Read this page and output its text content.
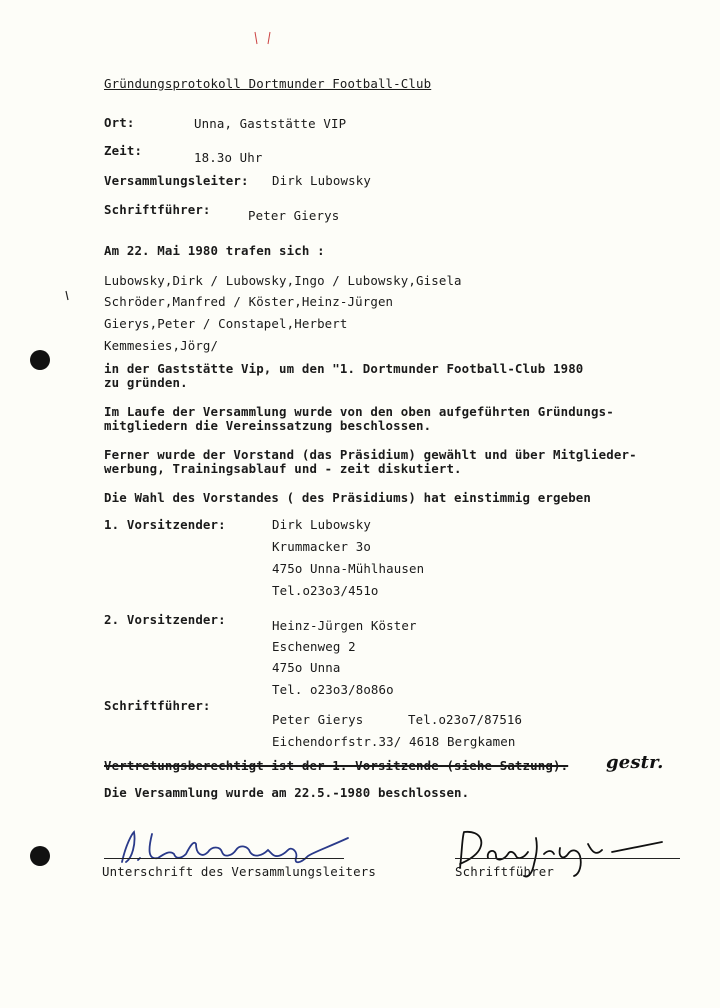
Gründungsprotokoll Dortmunder Football-Club
Ort:	Unna, Gaststätte VIP
Zeit:	18.3o Uhr
Versammlungsleiter: Dirk Lubowsky
Schriftführer:	Peter Gierys
Am 22. Mai 1980 trafen sich :
Lubowsky,Dirk / Lubowsky,Ingo / Lubowsky,Gisela
Schröder,Manfred / Köster,Heinz-Jürgen
Gierys,Peter / Constapel,Herbert
Kemmesies,Jörg/
in der Gaststätte Vip, um den "1. Dortmunder Football-Club 1980
zu gründen.
Im Laufe der Versammlung wurde von den oben aufgeführten Gründungs-
mitgliedern die Vereinssatzung beschlossen.
Ferner wurde der Vorstand (das Präsidium) gewählt und über Mitglieder-
werbung, Trainingsablauf und - zeit diskutiert.
Die Wahl des Vorstandes ( des Präsidiums) hat einstimmig ergeben
1. Vorsitzender:	Dirk Lubowsky
Krummacker 3o
475o Unna-Mühlhausen
Tel.o23o3/451o
2. Vorsitzender:	Heinz-Jürgen Köster
Eschenweg 2
475o Unna
Tel. o23o3/8o86o
Schriftführer:
Peter Gierys	Tel.o23o7/87516
Eichendorfstr.33/ 4618 Bergkamen
Vertretungsberechtigt ist der 1. Vorsitzende (siehe Satzung). gestr.
Die Versammlung wurde am 22.5.-1980 beschlossen.
Unterschrift des Versammlungsleiters	Schriftführer
